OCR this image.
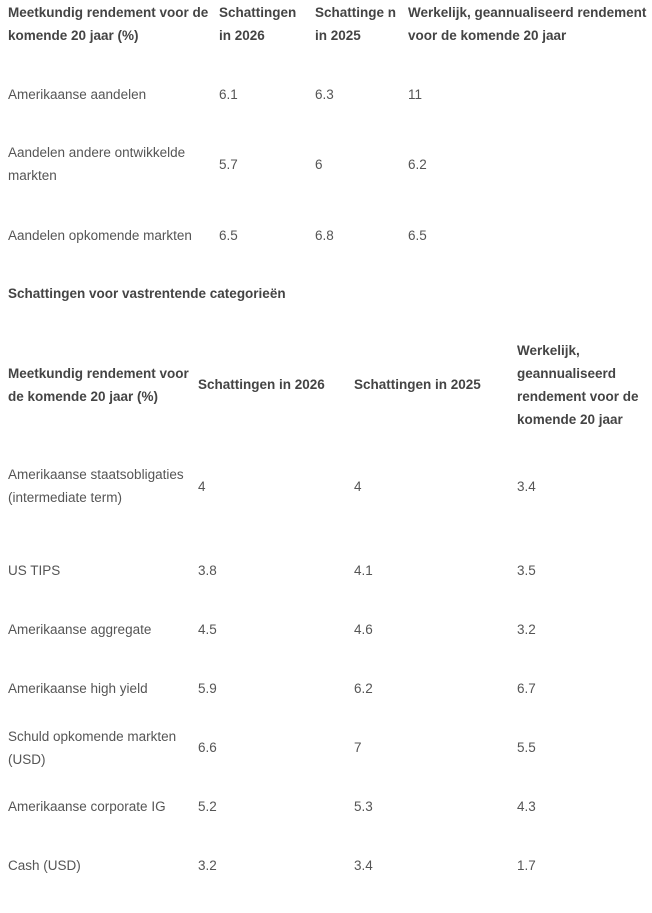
Meetkundig rendement voor de komende 20 jaar (%)	Schattingen in 2026	Schattinge n in 2025	Werkelijk, geannualiseerd rendement voor de komende 20 jaar
Amerikaanse aandelen	6.1	6.3	11
Aandelen andere ontwikkelde markten	5.7	6	6.2
Aandelen opkomende markten	6.5	6.8	6.5
Schattingen voor vastrentende categorieën
Meetkundig rendement voor de komende 20 jaar (%)	Schattingen in 2026	Schattingen in 2025	Werkelijk, geannualiseerd rendement voor de komende 20 jaar
Amerikaanse staatsobligaties (intermediate term)	4	4	3.4
US TIPS	3.8	4.1	3.5
Amerikaanse aggregate	4.5	4.6	3.2
Amerikaanse high yield	5.9	6.2	6.7
Schuld opkomende markten (USD)	6.6	7	5.5
Amerikaanse corporate IG	5.2	5.3	4.3
Cash (USD)	3.2	3.4	1.7
